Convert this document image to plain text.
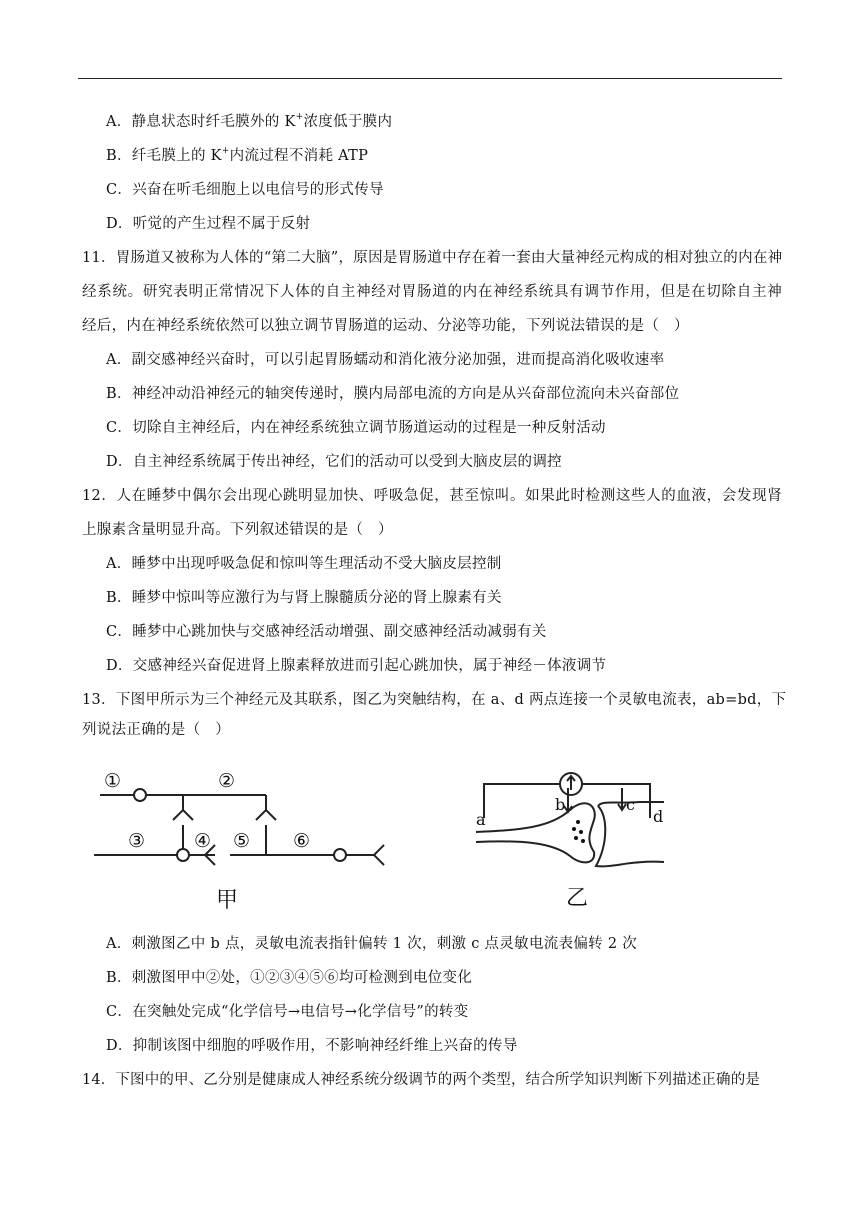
A．静息状态时纤毛膜外的 K+浓度低于膜内
B．纤毛膜上的 K+内流过程不消耗 ATP
C．兴奋在听毛细胞上以电信号的形式传导
D．听觉的产生过程不属于反射
11．胃肠道又被称为人体的“第二大脑”，原因是胃肠道中存在着一套由大量神经元构成的相对独立的内在神
经系统。研究表明正常情况下人体的自主神经对胃肠道的内在神经系统具有调节作用，但是在切除自主神
经后，内在神经系统依然可以独立调节胃肠道的运动、分泌等功能，下列说法错误的是（　）
A．副交感神经兴奋时，可以引起胃肠蠕动和消化液分泌加强，进而提高消化吸收速率
B．神经冲动沿神经元的轴突传递时，膜内局部电流的方向是从兴奋部位流向未兴奋部位
C．切除自主神经后，内在神经系统独立调节肠道运动的过程是一种反射活动
D．自主神经系统属于传出神经，它们的活动可以受到大脑皮层的调控
12．人在睡梦中偶尔会出现心跳明显加快、呼吸急促，甚至惊叫。如果此时检测这些人的血液，会发现肾
上腺素含量明显升高。下列叙述错误的是（　）
A．睡梦中出现呼吸急促和惊叫等生理活动不受大脑皮层控制
B．睡梦中惊叫等应激行为与肾上腺髓质分泌的肾上腺素有关
C．睡梦中心跳加快与交感神经活动增强、副交感神经活动减弱有关
D．交感神经兴奋促进肾上腺素释放进而引起心跳加快，属于神经－体液调节
13．下图甲所示为三个神经元及其联系，图乙为突触结构，在 a、d 两点连接一个灵敏电流表，ab=bd，下
列说法正确的是（　）
①	②
③	④ ⑤ ⑥
甲
a
b	c
d
乙
A．刺激图乙中 b 点，灵敏电流表指针偏转 1 次，刺激 c 点灵敏电流表偏转 2 次
B．刺激图甲中②处，①②③④⑤⑥均可检测到电位变化
C．在突触处完成“化学信号→电信号→化学信号”的转变
D．抑制该图中细胞的呼吸作用，不影响神经纤维上兴奋的传导
14．下图中的甲、乙分别是健康成人神经系统分级调节的两个类型，结合所学知识判断下列描述正确的是
